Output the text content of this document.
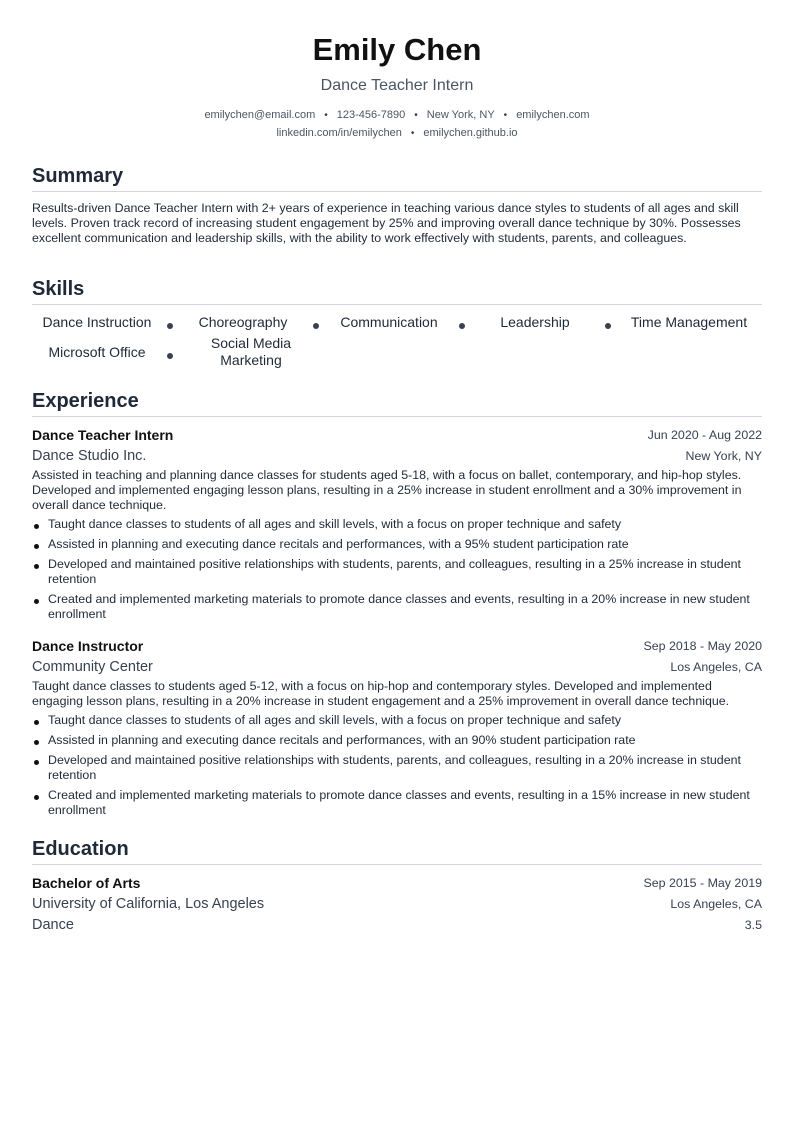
Emily Chen
Dance Teacher Intern
emilychen@email.com • 123-456-7890 • New York, NY • emilychen.com
linkedin.com/in/emilychen • emilychen.github.io
Summary
Results-driven Dance Teacher Intern with 2+ years of experience in teaching various dance styles to students of all ages and skill levels. Proven track record of increasing student engagement by 25% and improving overall dance technique by 30%. Possesses excellent communication and leadership skills, with the ability to work effectively with students, parents, and colleagues.
Skills
Dance Instruction	Choreography	Communication	Leadership	Time Management
Microsoft Office
Social Media Marketing
Experience
Dance Teacher Intern	Jun 2020 - Aug 2022
Dance Studio Inc.	New York, NY
Assisted in teaching and planning dance classes for students aged 5-18, with a focus on ballet, contemporary, and hip-hop styles. Developed and implemented engaging lesson plans, resulting in a 25% increase in student enrollment and a 30% improvement in overall dance technique.
Taught dance classes to students of all ages and skill levels, with a focus on proper technique and safety
Assisted in planning and executing dance recitals and performances, with a 95% student participation rate
Developed and maintained positive relationships with students, parents, and colleagues, resulting in a 25% increase in student retention
Created and implemented marketing materials to promote dance classes and events, resulting in a 20% increase in new student enrollment
Dance Instructor	Sep 2018 - May 2020
Community Center	Los Angeles, CA
Taught dance classes to students aged 5-12, with a focus on hip-hop and contemporary styles. Developed and implemented engaging lesson plans, resulting in a 20% increase in student engagement and a 25% improvement in overall dance technique.
Taught dance classes to students of all ages and skill levels, with a focus on proper technique and safety
Assisted in planning and executing dance recitals and performances, with an 90% student participation rate
Developed and maintained positive relationships with students, parents, and colleagues, resulting in a 20% increase in student retention
Created and implemented marketing materials to promote dance classes and events, resulting in a 15% increase in new student enrollment
Education
Bachelor of Arts	Sep 2015 - May 2019
University of California, Los Angeles	Los Angeles, CA
Dance	3.5
